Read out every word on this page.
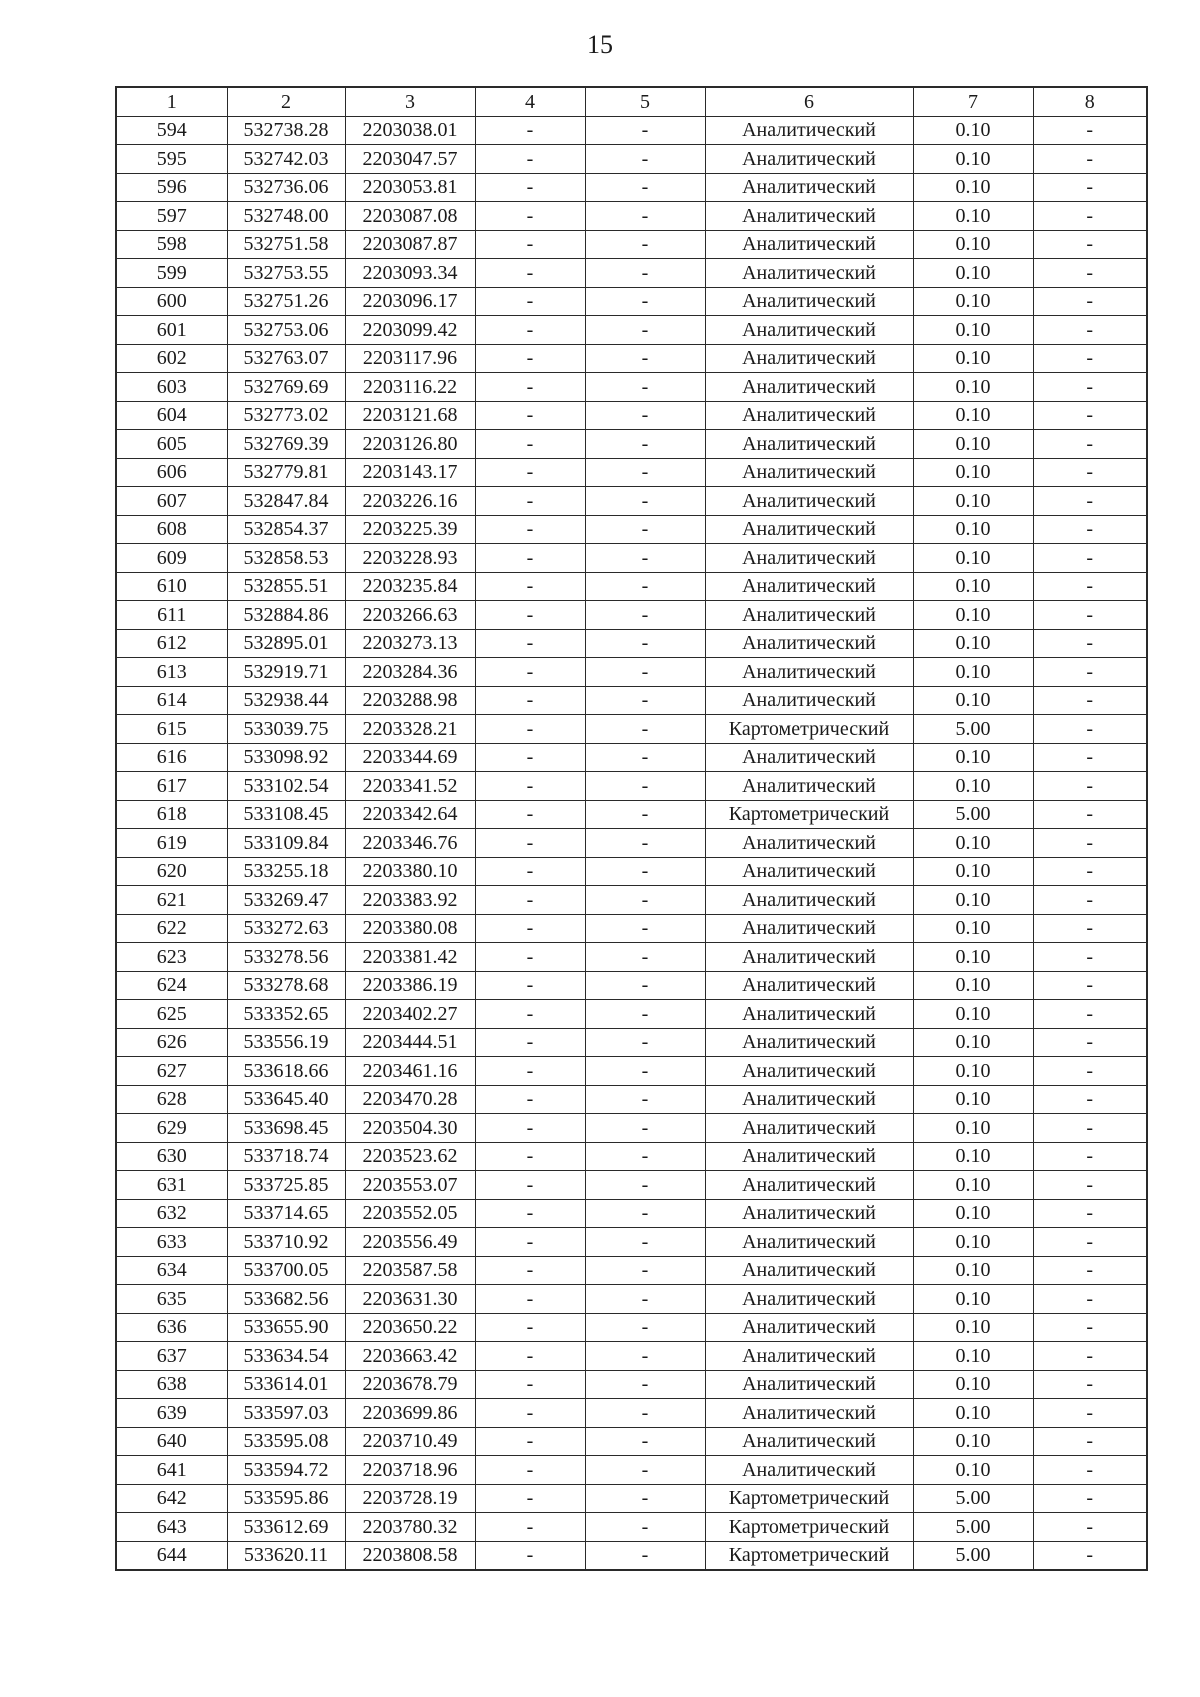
15
1	2	3	4	5	6	7	8
594	532738.28	2203038.01	-	-	Аналитический	0.10	-
595	532742.03	2203047.57	-	-	Аналитический	0.10	-
596	532736.06	2203053.81	-	-	Аналитический	0.10	-
597	532748.00	2203087.08	-	-	Аналитический	0.10	-
598	532751.58	2203087.87	-	-	Аналитический	0.10	-
599	532753.55	2203093.34	-	-	Аналитический	0.10	-
600	532751.26	2203096.17	-	-	Аналитический	0.10	-
601	532753.06	2203099.42	-	-	Аналитический	0.10	-
602	532763.07	2203117.96	-	-	Аналитический	0.10	-
603	532769.69	2203116.22	-	-	Аналитический	0.10	-
604	532773.02	2203121.68	-	-	Аналитический	0.10	-
605	532769.39	2203126.80	-	-	Аналитический	0.10	-
606	532779.81	2203143.17	-	-	Аналитический	0.10	-
607	532847.84	2203226.16	-	-	Аналитический	0.10	-
608	532854.37	2203225.39	-	-	Аналитический	0.10	-
609	532858.53	2203228.93	-	-	Аналитический	0.10	-
610	532855.51	2203235.84	-	-	Аналитический	0.10	-
611	532884.86	2203266.63	-	-	Аналитический	0.10	-
612	532895.01	2203273.13	-	-	Аналитический	0.10	-
613	532919.71	2203284.36	-	-	Аналитический	0.10	-
614	532938.44	2203288.98	-	-	Аналитический	0.10	-
615	533039.75	2203328.21	-	-	Картометрический	5.00	-
616	533098.92	2203344.69	-	-	Аналитический	0.10	-
617	533102.54	2203341.52	-	-	Аналитический	0.10	-
618	533108.45	2203342.64	-	-	Картометрический	5.00	-
619	533109.84	2203346.76	-	-	Аналитический	0.10	-
620	533255.18	2203380.10	-	-	Аналитический	0.10	-
621	533269.47	2203383.92	-	-	Аналитический	0.10	-
622	533272.63	2203380.08	-	-	Аналитический	0.10	-
623	533278.56	2203381.42	-	-	Аналитический	0.10	-
624	533278.68	2203386.19	-	-	Аналитический	0.10	-
625	533352.65	2203402.27	-	-	Аналитический	0.10	-
626	533556.19	2203444.51	-	-	Аналитический	0.10	-
627	533618.66	2203461.16	-	-	Аналитический	0.10	-
628	533645.40	2203470.28	-	-	Аналитический	0.10	-
629	533698.45	2203504.30	-	-	Аналитический	0.10	-
630	533718.74	2203523.62	-	-	Аналитический	0.10	-
631	533725.85	2203553.07	-	-	Аналитический	0.10	-
632	533714.65	2203552.05	-	-	Аналитический	0.10	-
633	533710.92	2203556.49	-	-	Аналитический	0.10	-
634	533700.05	2203587.58	-	-	Аналитический	0.10	-
635	533682.56	2203631.30	-	-	Аналитический	0.10	-
636	533655.90	2203650.22	-	-	Аналитический	0.10	-
637	533634.54	2203663.42	-	-	Аналитический	0.10	-
638	533614.01	2203678.79	-	-	Аналитический	0.10	-
639	533597.03	2203699.86	-	-	Аналитический	0.10	-
640	533595.08	2203710.49	-	-	Аналитический	0.10	-
641	533594.72	2203718.96	-	-	Аналитический	0.10	-
642	533595.86	2203728.19	-	-	Картометрический	5.00	-
643	533612.69	2203780.32	-	-	Картометрический	5.00	-
644	533620.11	2203808.58	-	-	Картометрический	5.00	-
